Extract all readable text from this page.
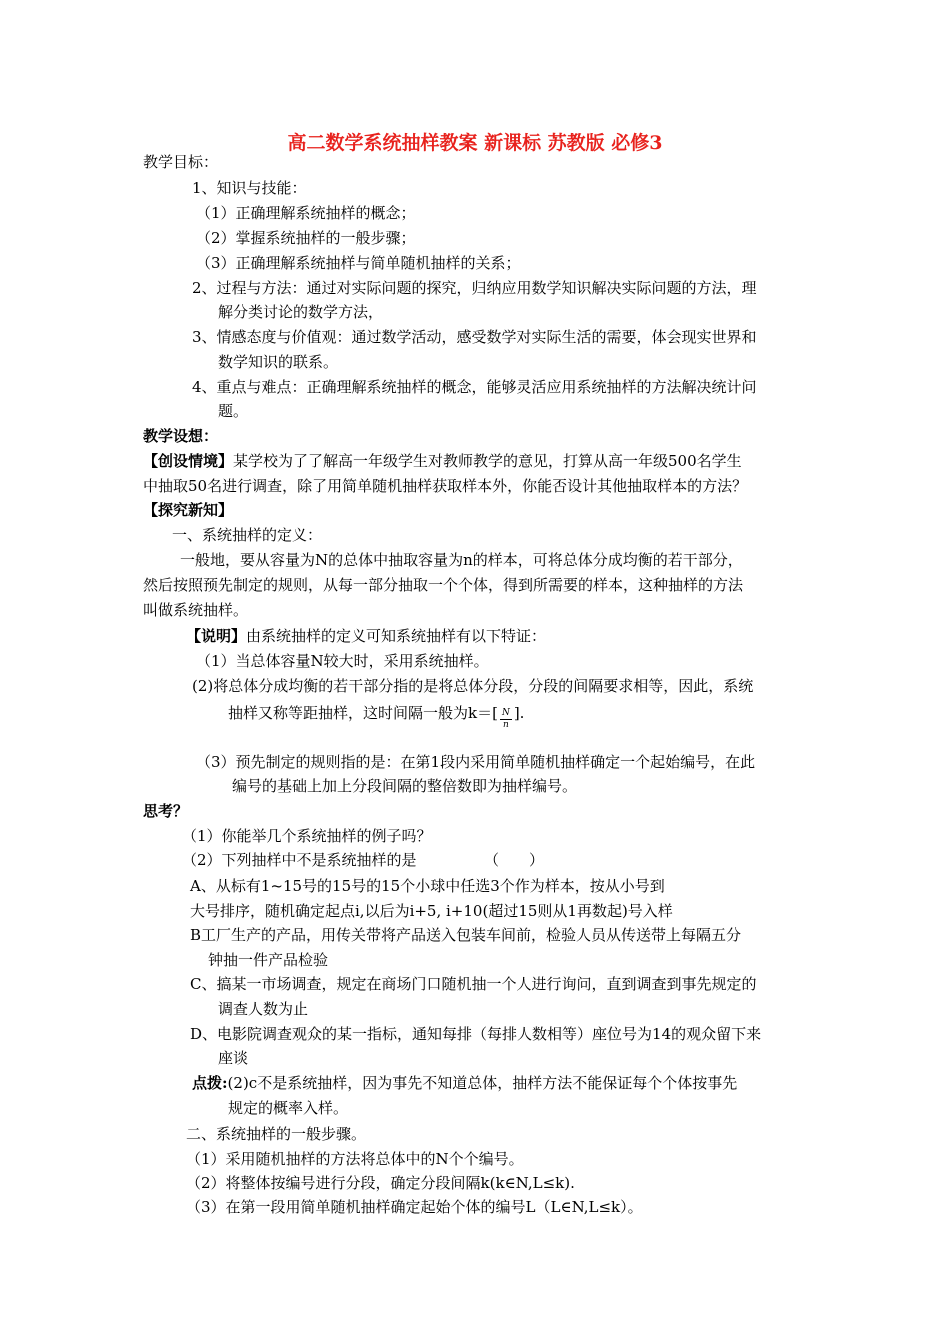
高二数学系统抽样教案 新课标 苏教版 必修3
教学目标：
1、知识与技能：
（1）正确理解系统抽样的概念；
（2）掌握系统抽样的一般步骤；
（3）正确理解系统抽样与简单随机抽样的关系；
2、过程与方法：通过对实际问题的探究，归纳应用数学知识解决实际问题的方法，理
解分类讨论的数学方法，
3、情感态度与价值观：通过数学活动，感受数学对实际生活的需要，体会现实世界和
数学知识的联系。
4、重点与难点：正确理解系统抽样的概念，能够灵活应用系统抽样的方法解决统计问
题。
教学设想：
【创设情境】某学校为了了解高一年级学生对教师教学的意见，打算从高一年级500名学生
中抽取50名进行调查，除了用简单随机抽样获取样本外，你能否设计其他抽取样本的方法？
【探究新知】
一、系统抽样的定义：
一般地，要从容量为N的总体中抽取容量为n的样本，可将总体分成均衡的若干部分，
然后按照预先制定的规则，从每一部分抽取一个个体，得到所需要的样本，这种抽样的方法
叫做系统抽样。
【说明】由系统抽样的定义可知系统抽样有以下特证：
（1）当总体容量N较大时，采用系统抽样。
(2)将总体分成均衡的若干部分指的是将总体分段，分段的间隔要求相等，因此，系统
抽样又称等距抽样，这时间隔一般为$k=[ \frac{N}{n}$ ].
（3）预先制定的规则指的是：在第1段内采用简单随机抽样确定一个起始编号，在此
编号的基础上加上分段间隔的整倍数即为抽样编号。
思考？
（1）你能举几个系统抽样的例子吗？
（2）下列抽样中不是系统抽样的是　　　　　（　　）
A、从标有1~15号的15号的15个小球中任选3个作为样本，按从小号到
大号排序，随机确定起点i,以后为i+5, i+10(超过15则从1再数起)号入样
B工厂生产的产品，用传关带将产品送入包装车间前，检验人员从传送带上每隔五分
钟抽一件产品检验
C、搞某一市场调查，规定在商场门口随机抽一个人进行询问，直到调查到事先规定的
调查人数为止
D、电影院调查观众的某一指标，通知每排（每排人数相等）座位号为14的观众留下来
座谈
点拨:(2)c不是系统抽样，因为事先不知道总体，抽样方法不能保证每个个体按事先
规定的概率入样。
二、系统抽样的一般步骤。
（1）采用随机抽样的方法将总体中的N个个编号。
（2）将整体按编号进行分段，确定分段间隔k(k∈N,L≤k).
（3）在第一段用简单随机抽样确定起始个体的编号L（L∈N,L≤k）。
